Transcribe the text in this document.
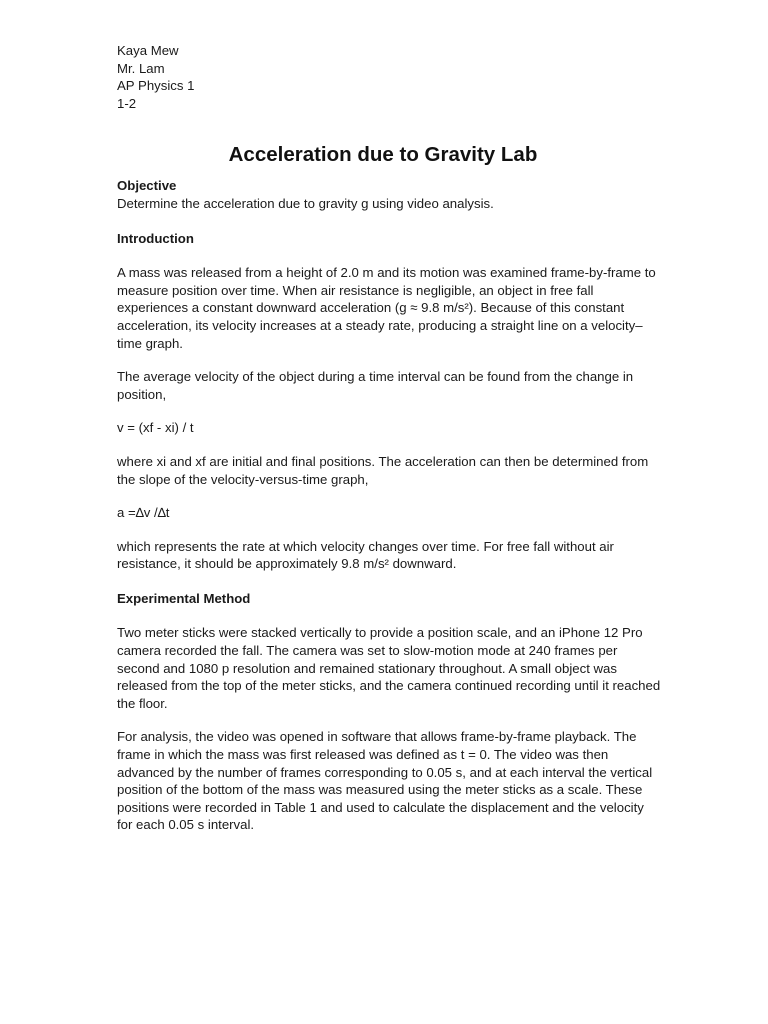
Kaya Mew
Mr. Lam
AP Physics 1
1-2
Acceleration due to Gravity Lab

Objective

Determine the acceleration due to gravity g using video analysis.

Introduction

A mass was released from a height of 2.0 m and its motion was examined frame-by-frame to measure position over time. When air resistance is negligible, an object in free fall experiences a constant downward acceleration (g ≈ 9.8 m/s²). Because of this constant acceleration, its velocity increases at a steady rate, producing a straight line on a velocity–time graph.

The average velocity of the object during a time interval can be found from the change in position,

v = (xf - xi) / t

where xi and xf are initial and final positions. The acceleration can then be determined from the slope of the velocity-versus-time graph,

a =∆v /∆t

which represents the rate at which velocity changes over time. For free fall without air resistance, it should be approximately 9.8 m/s² downward.

Experimental Method

Two meter sticks were stacked vertically to provide a position scale, and an iPhone 12 Pro camera recorded the fall. The camera was set to slow-motion mode at 240 frames per second and 1080 p resolution and remained stationary throughout. A small object was released from the top of the meter sticks, and the camera continued recording until it reached the floor.

For analysis, the video was opened in software that allows frame-by-frame playback. The frame in which the mass was first released was defined as t = 0. The video was then advanced by the number of frames corresponding to 0.05 s, and at each interval the vertical position of the bottom of the mass was measured using the meter sticks as a scale. These positions were recorded in Table 1 and used to calculate the displacement and the velocity for each 0.05 s interval.
